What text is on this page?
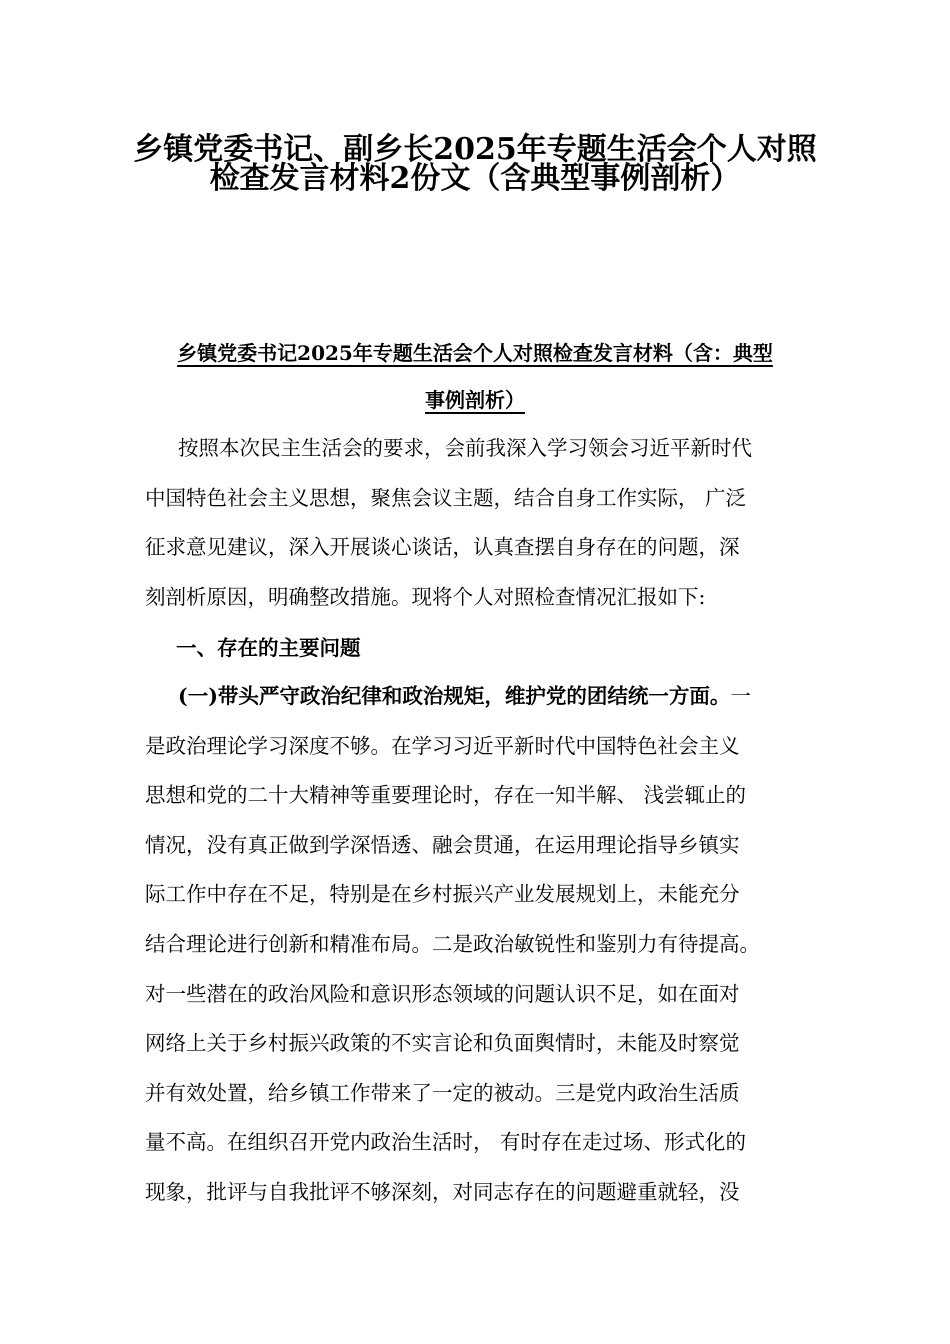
乡镇党委书记、副乡长2025年专题生活会个人对照
检查发言材料2份文（含典型事例剖析）
乡镇党委书记2025年专题生活会个人对照检查发言材料（含：典型
事例剖析）
按照本次民主生活会的要求，会前我深入学习领会习近平新时代
中国特色社会主义思想，聚焦会议主题，结合自身工作实际， 广泛
征求意见建议，深入开展谈心谈话，认真查摆自身存在的问题，深
刻剖析原因，明确整改措施。现将个人对照检查情况汇报如下:
一、存在的主要问题
(一)带头严守政治纪律和政治规矩，维护党的团结统一方面。一
是政治理论学习深度不够。在学习习近平新时代中国特色社会主义
思想和党的二十大精神等重要理论时，存在一知半解、 浅尝辄止的
情况，没有真正做到学深悟透、融会贯通，在运用理论指导乡镇实
际工作中存在不足，特别是在乡村振兴产业发展规划上，未能充分
结合理论进行创新和精准布局。二是政治敏锐性和鉴别力有待提高。
对一些潜在的政治风险和意识形态领域的问题认识不足，如在面对
网络上关于乡村振兴政策的不实言论和负面舆情时，未能及时察觉
并有效处置，给乡镇工作带来了一定的被动。三是党内政治生活质
量不高。在组织召开党内政治生活时， 有时存在走过场、形式化的
现象，批评与自我批评不够深刻，对同志存在的问题避重就轻，没
